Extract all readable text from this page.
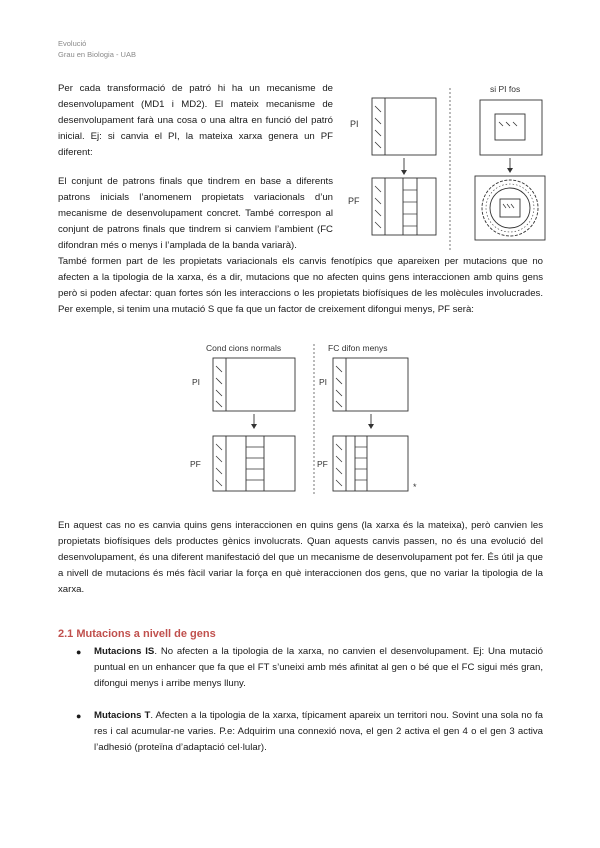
Evolució
Grau en Biologia - UAB

Per cada transformació de patró hi ha un mecanisme de desenvolupament (MD1 i MD2). El mateix mecanisme de desenvolupament farà una cosa o una altra en funció del patró inicial. Ej: si canvia el PI, la mateixa xarxa genera un PF diferent:

El conjunt de patrons finals que tindrem en base a diferents patrons inicials l’anomenem propietats variacionals d’un mecanisme de desenvolupament concret. També correspon al conjunt de patrons finals que tindrem si canviem l’ambient (FC difondran més o menys i l’amplada de la banda variarà).

PI
PF
si PI fos

També formen part de les propietats variacionals els canvis fenotípics que apareixen per mutacions que no afecten a la tipologia de la xarxa, és a dir, mutacions que no afecten quins gens interaccionen amb quins gens però si poden afectar: quan fortes són les interaccions o les propietats biofísiques de les molècules involucrades. Per exemple, si tenim una mutació S que fa que un factor de creixement difongui menys, PF serà:

Cond cions normals	FC difon menys
PI
PF
PI
PF
*

En aquest cas no es canvia quins gens interaccionen en quins gens (la xarxa és la mateixa), però canvien les propietats biofísiques dels productes gènics involucrats. Quan aquests canvis passen, no és una evolució del desenvolupament, és una diferent manifestació del que un mecanisme de desenvolupament pot fer. És útil ja que a nivell de mutacions és més fàcil variar la força en què interaccionen dos gens, que no variar la tipologia de la xarxa.

2.1 Mutacions a nivell de gens
● Mutacions IS. No afecten a la tipologia de la xarxa, no canvien el desenvolupament. Ej: Una mutació puntual en un enhancer que fa que el FT s’uneixi amb més afinitat al gen o bé que el FC sigui més gran, difongui menys i arribe menys lluny.

● Mutacions T. Afecten a la tipologia de la xarxa, típicament apareix un territori nou. Sovint una sola no fa res i cal acumular-ne varies. P.e: Adquirim una connexió nova, el gen 2 activa el gen 4 o el gen 3 activa l’adhesió (proteïna d’adaptació cel·lular).
